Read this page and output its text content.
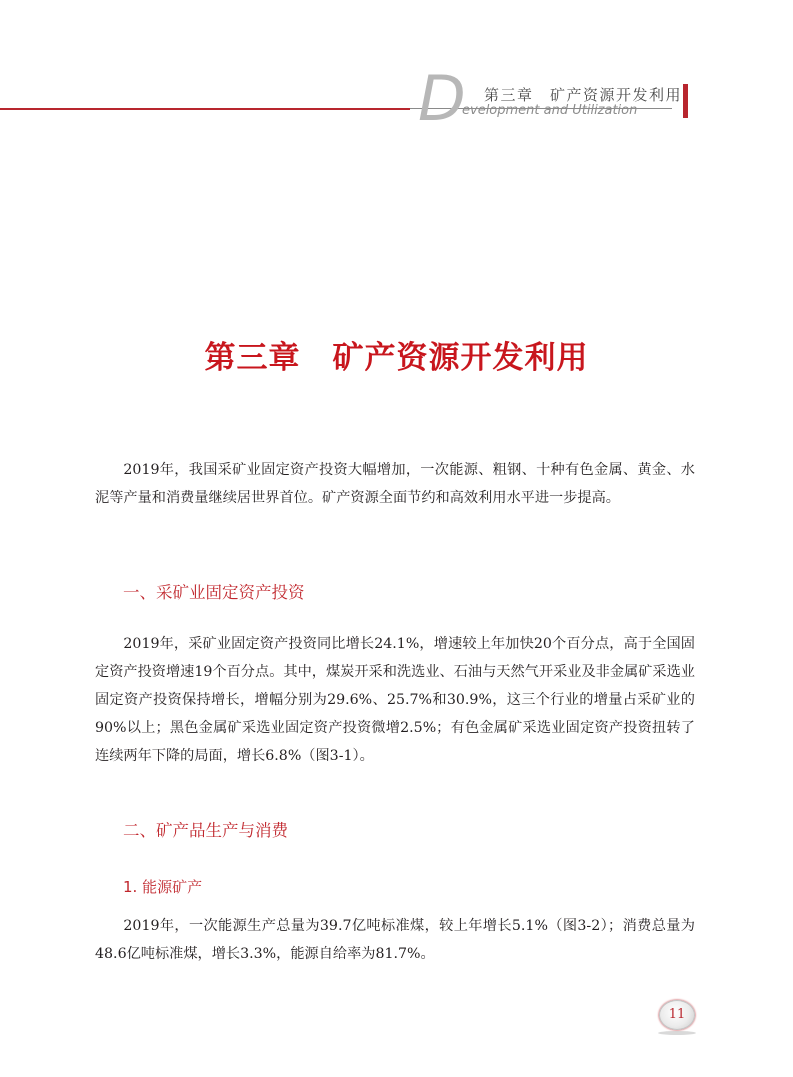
D 第三章　矿产资源开发利用
evelopment and Utilization
第三章　矿产资源开发利用
2019年，我国采矿业固定资产投资大幅增加，一次能源、粗钢、十种有色金属、黄金、水泥等产量和消费量继续居世界首位。矿产资源全面节约和高效利用水平进一步提高。
一、采矿业固定资产投资
2019年，采矿业固定资产投资同比增长24.1%，增速较上年加快20个百分点，高于全国固定资产投资增速19个百分点。其中，煤炭开采和洗选业、石油与天然气开采业及非金属矿采选业固定资产投资保持增长，增幅分别为29.6%、25.7%和30.9%，这三个行业的增量占采矿业的90%以上；黑色金属矿采选业固定资产投资微增2.5%；有色金属矿采选业固定资产投资扭转了连续两年下降的局面，增长6.8%（图3-1）。
二、矿产品生产与消费
1. 能源矿产
2019年，一次能源生产总量为39.7亿吨标准煤，较上年增长5.1%（图3-2）；消费总量为48.6亿吨标准煤，增长3.3%，能源自给率为81.7%。
11
